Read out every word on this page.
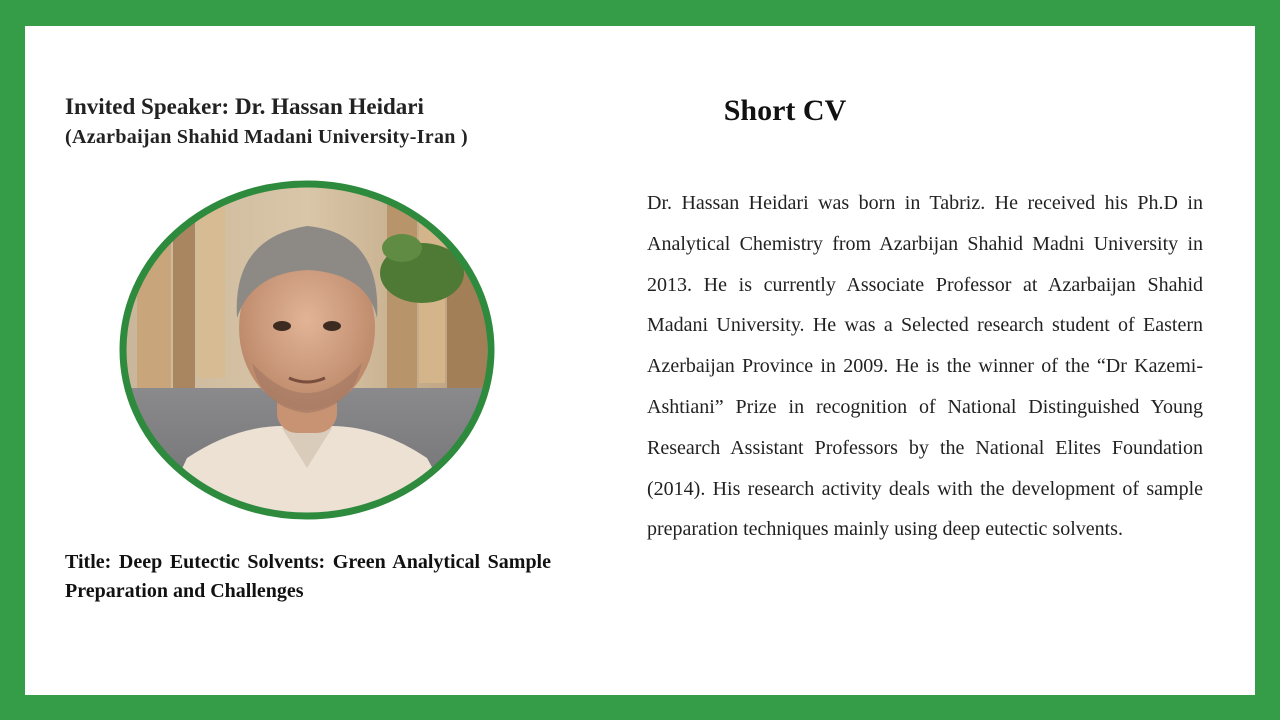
Invited Speaker: Dr. Hassan Heidari
(Azarbaijan Shahid Madani University-Iran )
Title: Deep Eutectic Solvents: Green Analytical Sample Preparation and Challenges
Short CV
Dr. Hassan Heidari was born in Tabriz. He received his Ph.D in Analytical Chemistry from Azarbijan Shahid Madni University in 2013. He is currently Associate Professor at Azarbaijan Shahid Madani University. He was a Selected research student of Eastern Azerbaijan Province in 2009. He is the winner of the “Dr Kazemi-Ashtiani” Prize in recognition of National Distinguished Young Research Assistant Professors by the National Elites Foundation (2014). His research activity deals with the development of sample preparation techniques mainly using deep eutectic solvents.
